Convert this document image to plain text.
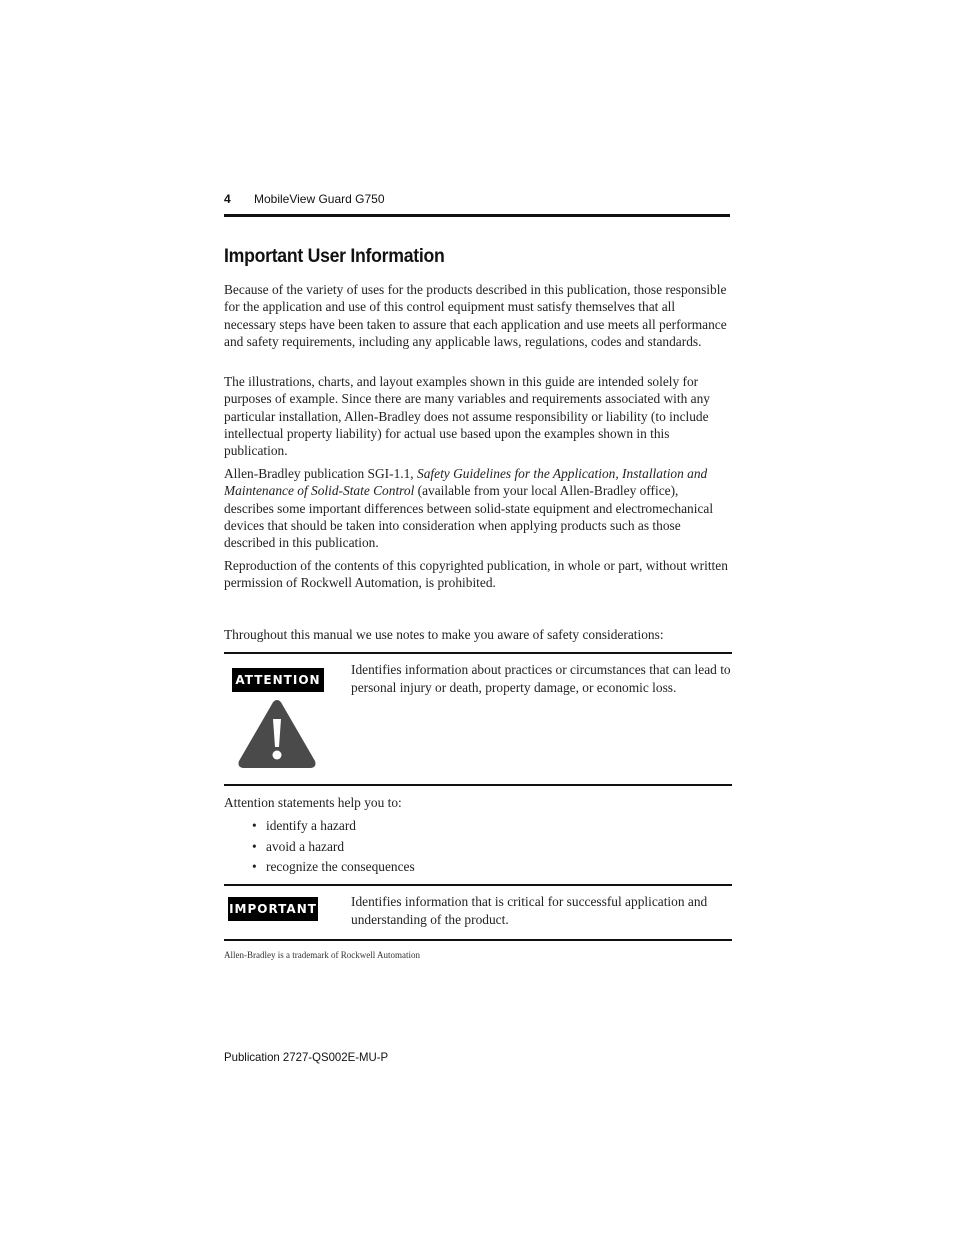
4 MobileView Guard G750
Important User Information

Because of the variety of uses for the products described in this publication, those responsible for the application and use of this control equipment must satisfy themselves that all necessary steps have been taken to assure that each application and use meets all performance and safety requirements, including any applicable laws, regulations, codes and standards.

The illustrations, charts, and layout examples shown in this guide are intended solely for purposes of example. Since there are many variables and requirements associated with any particular installation, Allen-Bradley does not assume responsibility or liability (to include intellectual property liability) for actual use based upon the examples shown in this publication.

Allen-Bradley publication SGI-1.1, Safety Guidelines for the Application, Installation and Maintenance of Solid-State Control (available from your local Allen-Bradley office), describes some important differences between solid-state equipment and electromechanical devices that should be taken into consideration when applying products such as those described in this publication.

Reproduction of the contents of this copyrighted publication, in whole or part, without written permission of Rockwell Automation, is prohibited.

Throughout this manual we use notes to make you aware of safety considerations:

ATTENTION
Identifies information about practices or circumstances that can lead to personal injury or death, property damage, or economic loss.
Attention statements help you to:
• identify a hazard
• avoid a hazard
• recognize the consequences
IMPORTANT	Identifies information that is critical for successful application and understanding of the product.
Allen-Bradley is a trademark of Rockwell Automation
Publication 2727-QS002E-MU-P
